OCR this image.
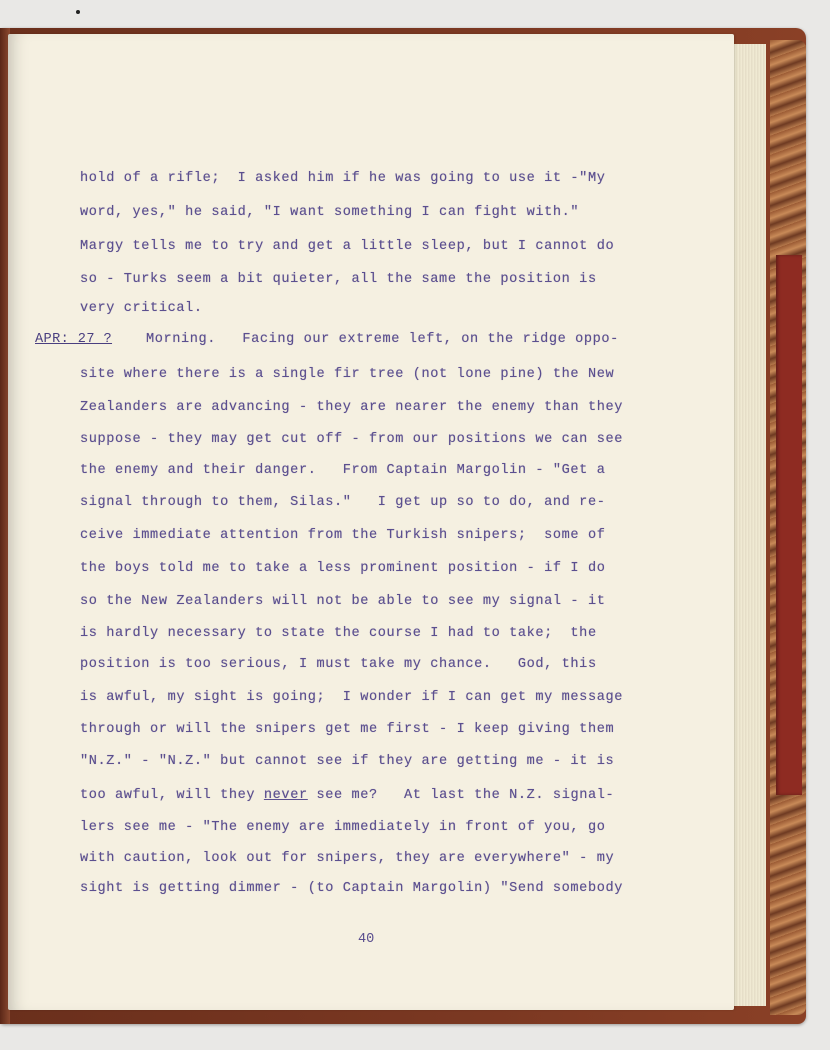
hold of a rifle;  I asked him if he was going to use it -"My

word, yes," he said, "I want something I can fight with."

Margy tells me to try and get a little sleep, but I cannot do

so - Turks seem a bit quieter, all the same the position is

very critical.

APR: 27 ? Morning.   Facing our extreme left, on the ridge oppo-

site where there is a single fir tree (not lone pine) the New

Zealanders are advancing - they are nearer the enemy than they

suppose - they may get cut off - from our positions we can see

the enemy and their danger.   From Captain Margolin - "Get a

signal through to them, Silas."   I get up so to do, and re-

ceive immediate attention from the Turkish snipers;  some of

the boys told me to take a less prominent position - if I do

so the New Zealanders will not be able to see my signal - it

is hardly necessary to state the course I had to take;  the

position is too serious, I must take my chance.   God, this

is awful, my sight is going;  I wonder if I can get my message

through or will the snipers get me first - I keep giving them

"N.Z." - "N.Z." but cannot see if they are getting me - it is

too awful, will they never see me?   At last the N.Z. signal-

lers see me - "The enemy are immediately in front of you, go

with caution, look out for snipers, they are everywhere" - my

sight is getting dimmer - (to Captain Margolin) "Send somebody

40
